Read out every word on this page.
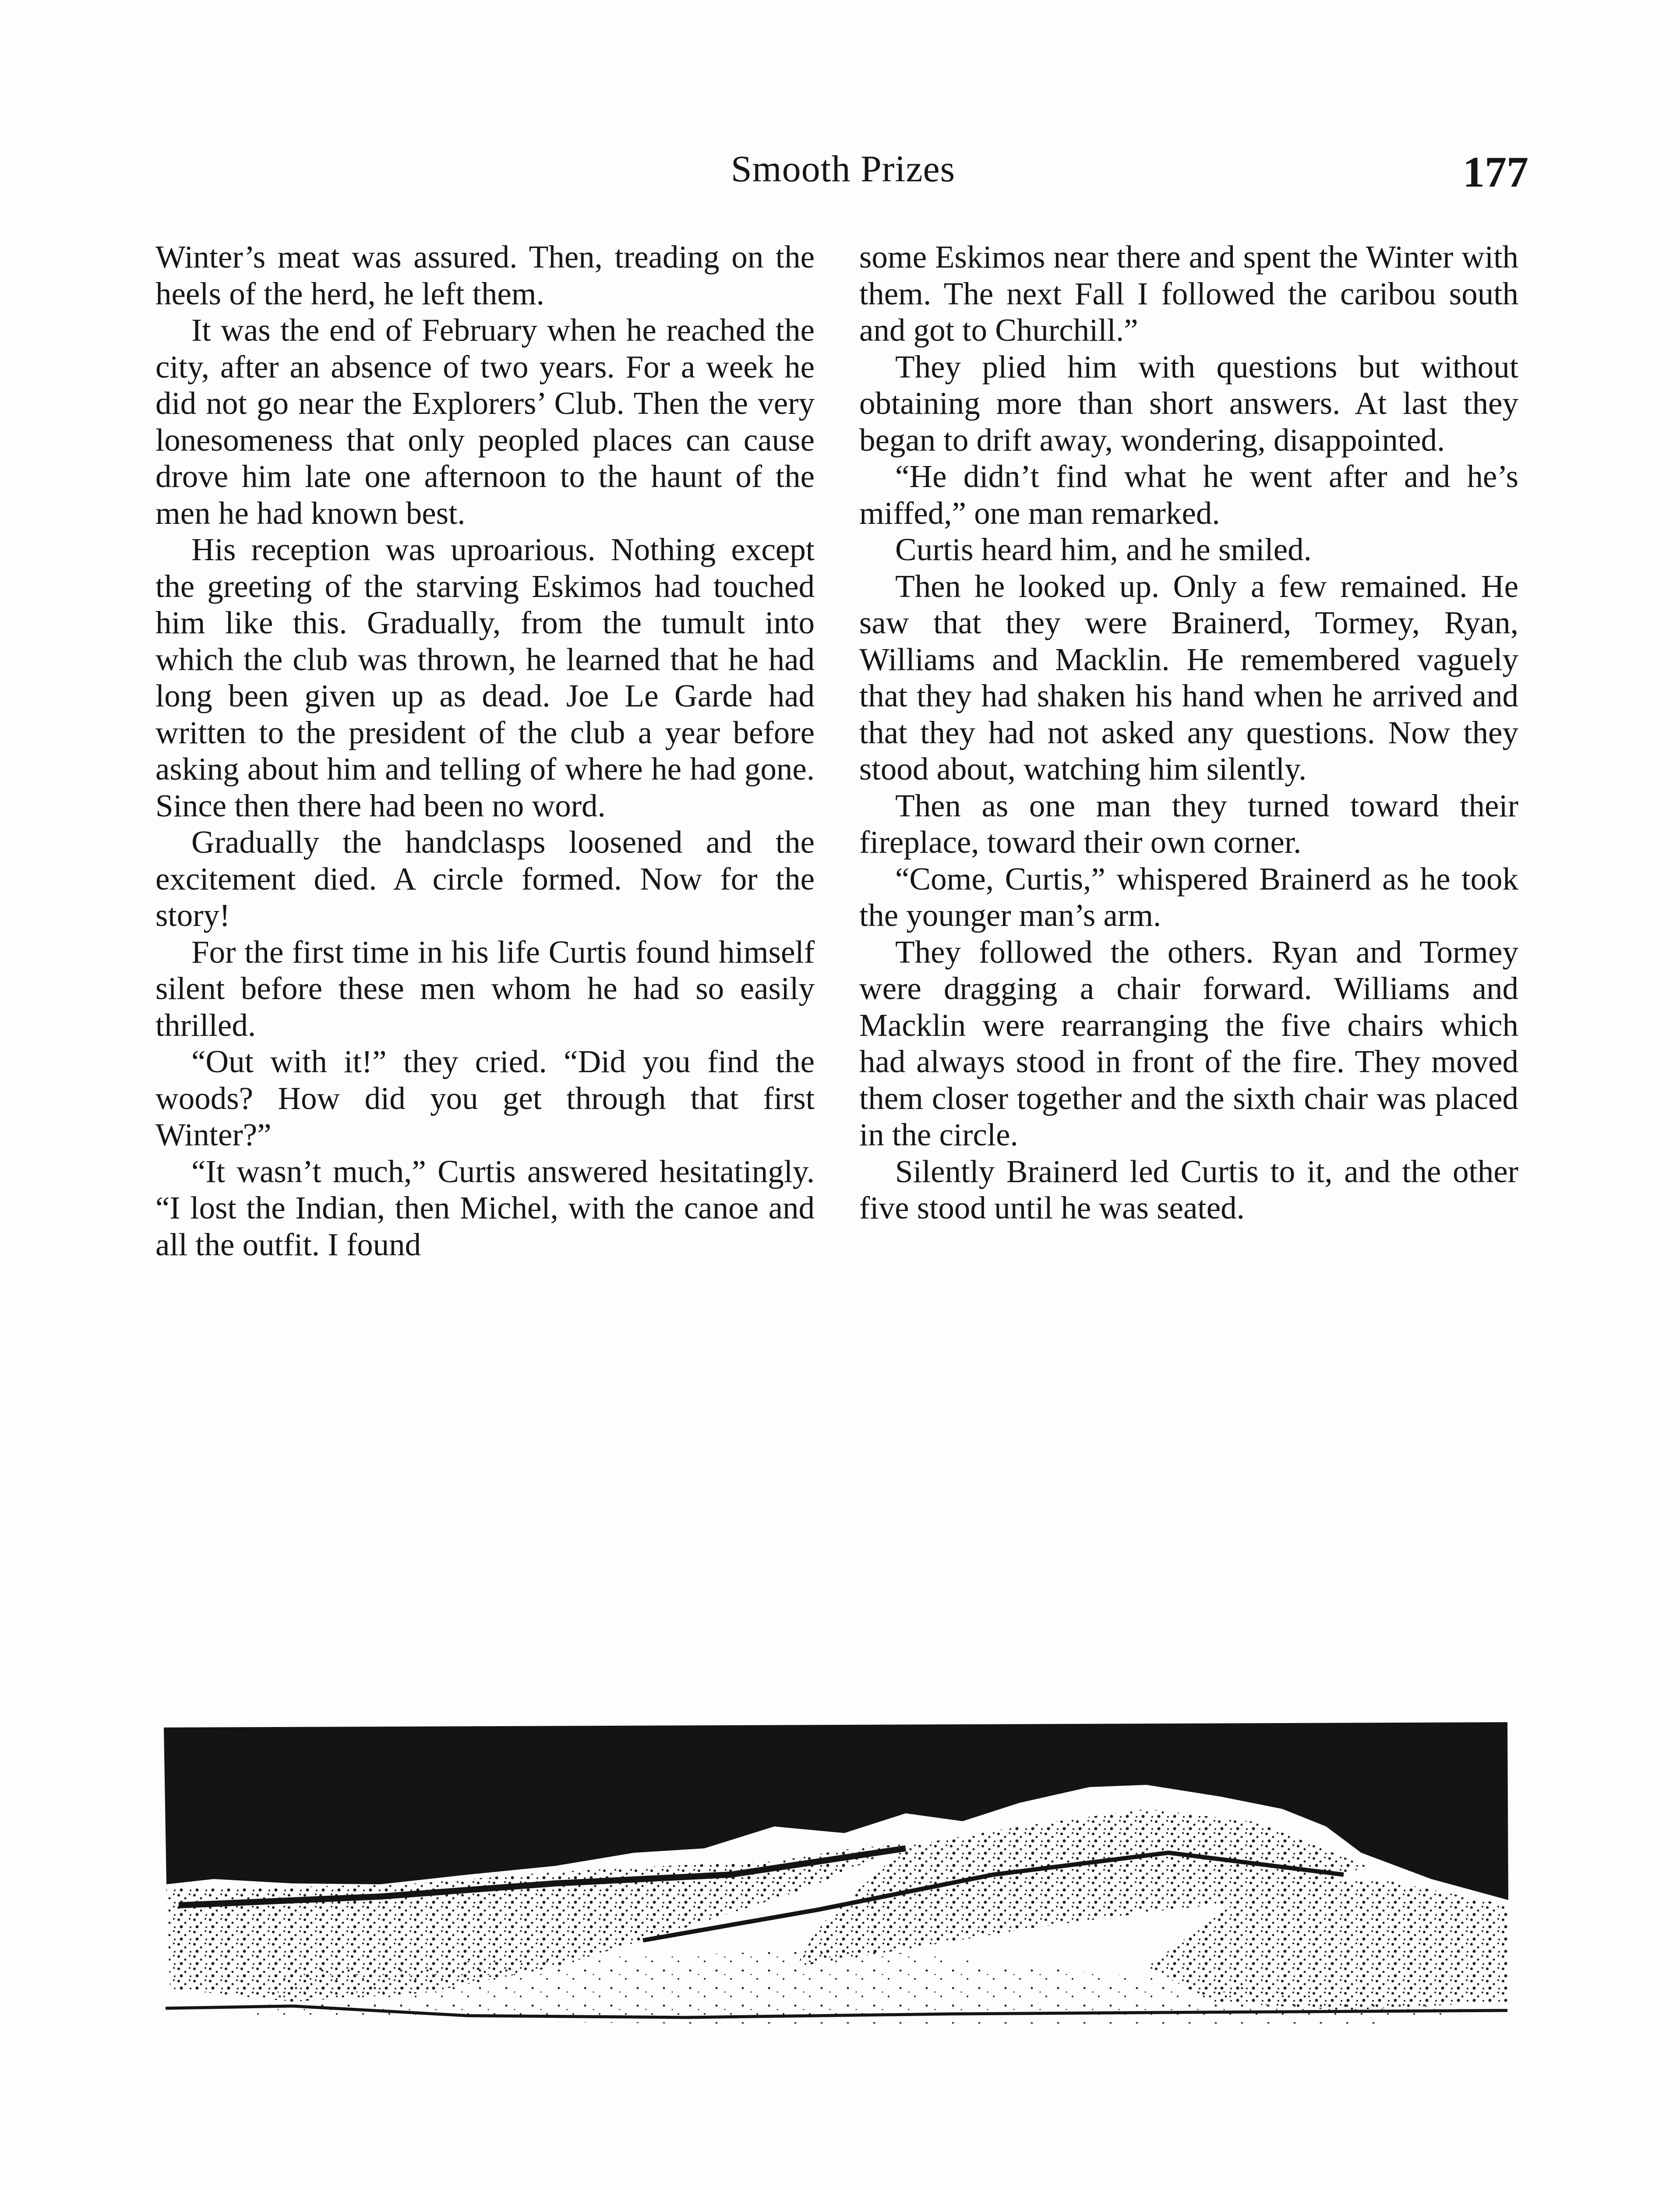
Smooth Prizes	177

Winter’s meat was assured. Then, treading on the heels of the herd, he left them.

It was the end of February when he reached the city, after an absence of two years. For a week he did not go near the Explorers’ Club. Then the very lonesomeness that only peopled places can cause drove him late one afternoon to the haunt of the men he had known best.

His reception was uproarious. Nothing except the greeting of the starving Eskimos had touched him like this. Gradually, from the tumult into which the club was thrown, he learned that he had long been given up as dead. Joe Le Garde had written to the president of the club a year before asking about him and telling of where he had gone. Since then there had been no word.

Gradually the handclasps loosened and the excitement died. A circle formed. Now for the story!

For the first time in his life Curtis found himself silent before these men whom he had so easily thrilled.

“Out with it!” they cried. “Did you find the woods? How did you get through that first Winter?”

“It wasn’t much,” Curtis answered hesitatingly. “I lost the Indian, then Michel, with the canoe and all the outfit. I found

some Eskimos near there and spent the Winter with them. The next Fall I followed the caribou south and got to Churchill.”

They plied him with questions but without obtaining more than short answers. At last they began to drift away, wondering, disappointed.

“He didn’t find what he went after and he’s miffed,” one man remarked.

Curtis heard him, and he smiled.

Then he looked up. Only a few remained. He saw that they were Brainerd, Tormey, Ryan, Williams and Macklin. He remembered vaguely that they had shaken his hand when he arrived and that they had not asked any questions. Now they stood about, watching him silently.

Then as one man they turned toward their fireplace, toward their own corner.

“Come, Curtis,” whispered Brainerd as he took the younger man’s arm.

They followed the others. Ryan and Tormey were dragging a chair forward. Williams and Macklin were rearranging the five chairs which had always stood in front of the fire. They moved them closer together and the sixth chair was placed in the circle.

Silently Brainerd led Curtis to it, and the other five stood until he was seated.
